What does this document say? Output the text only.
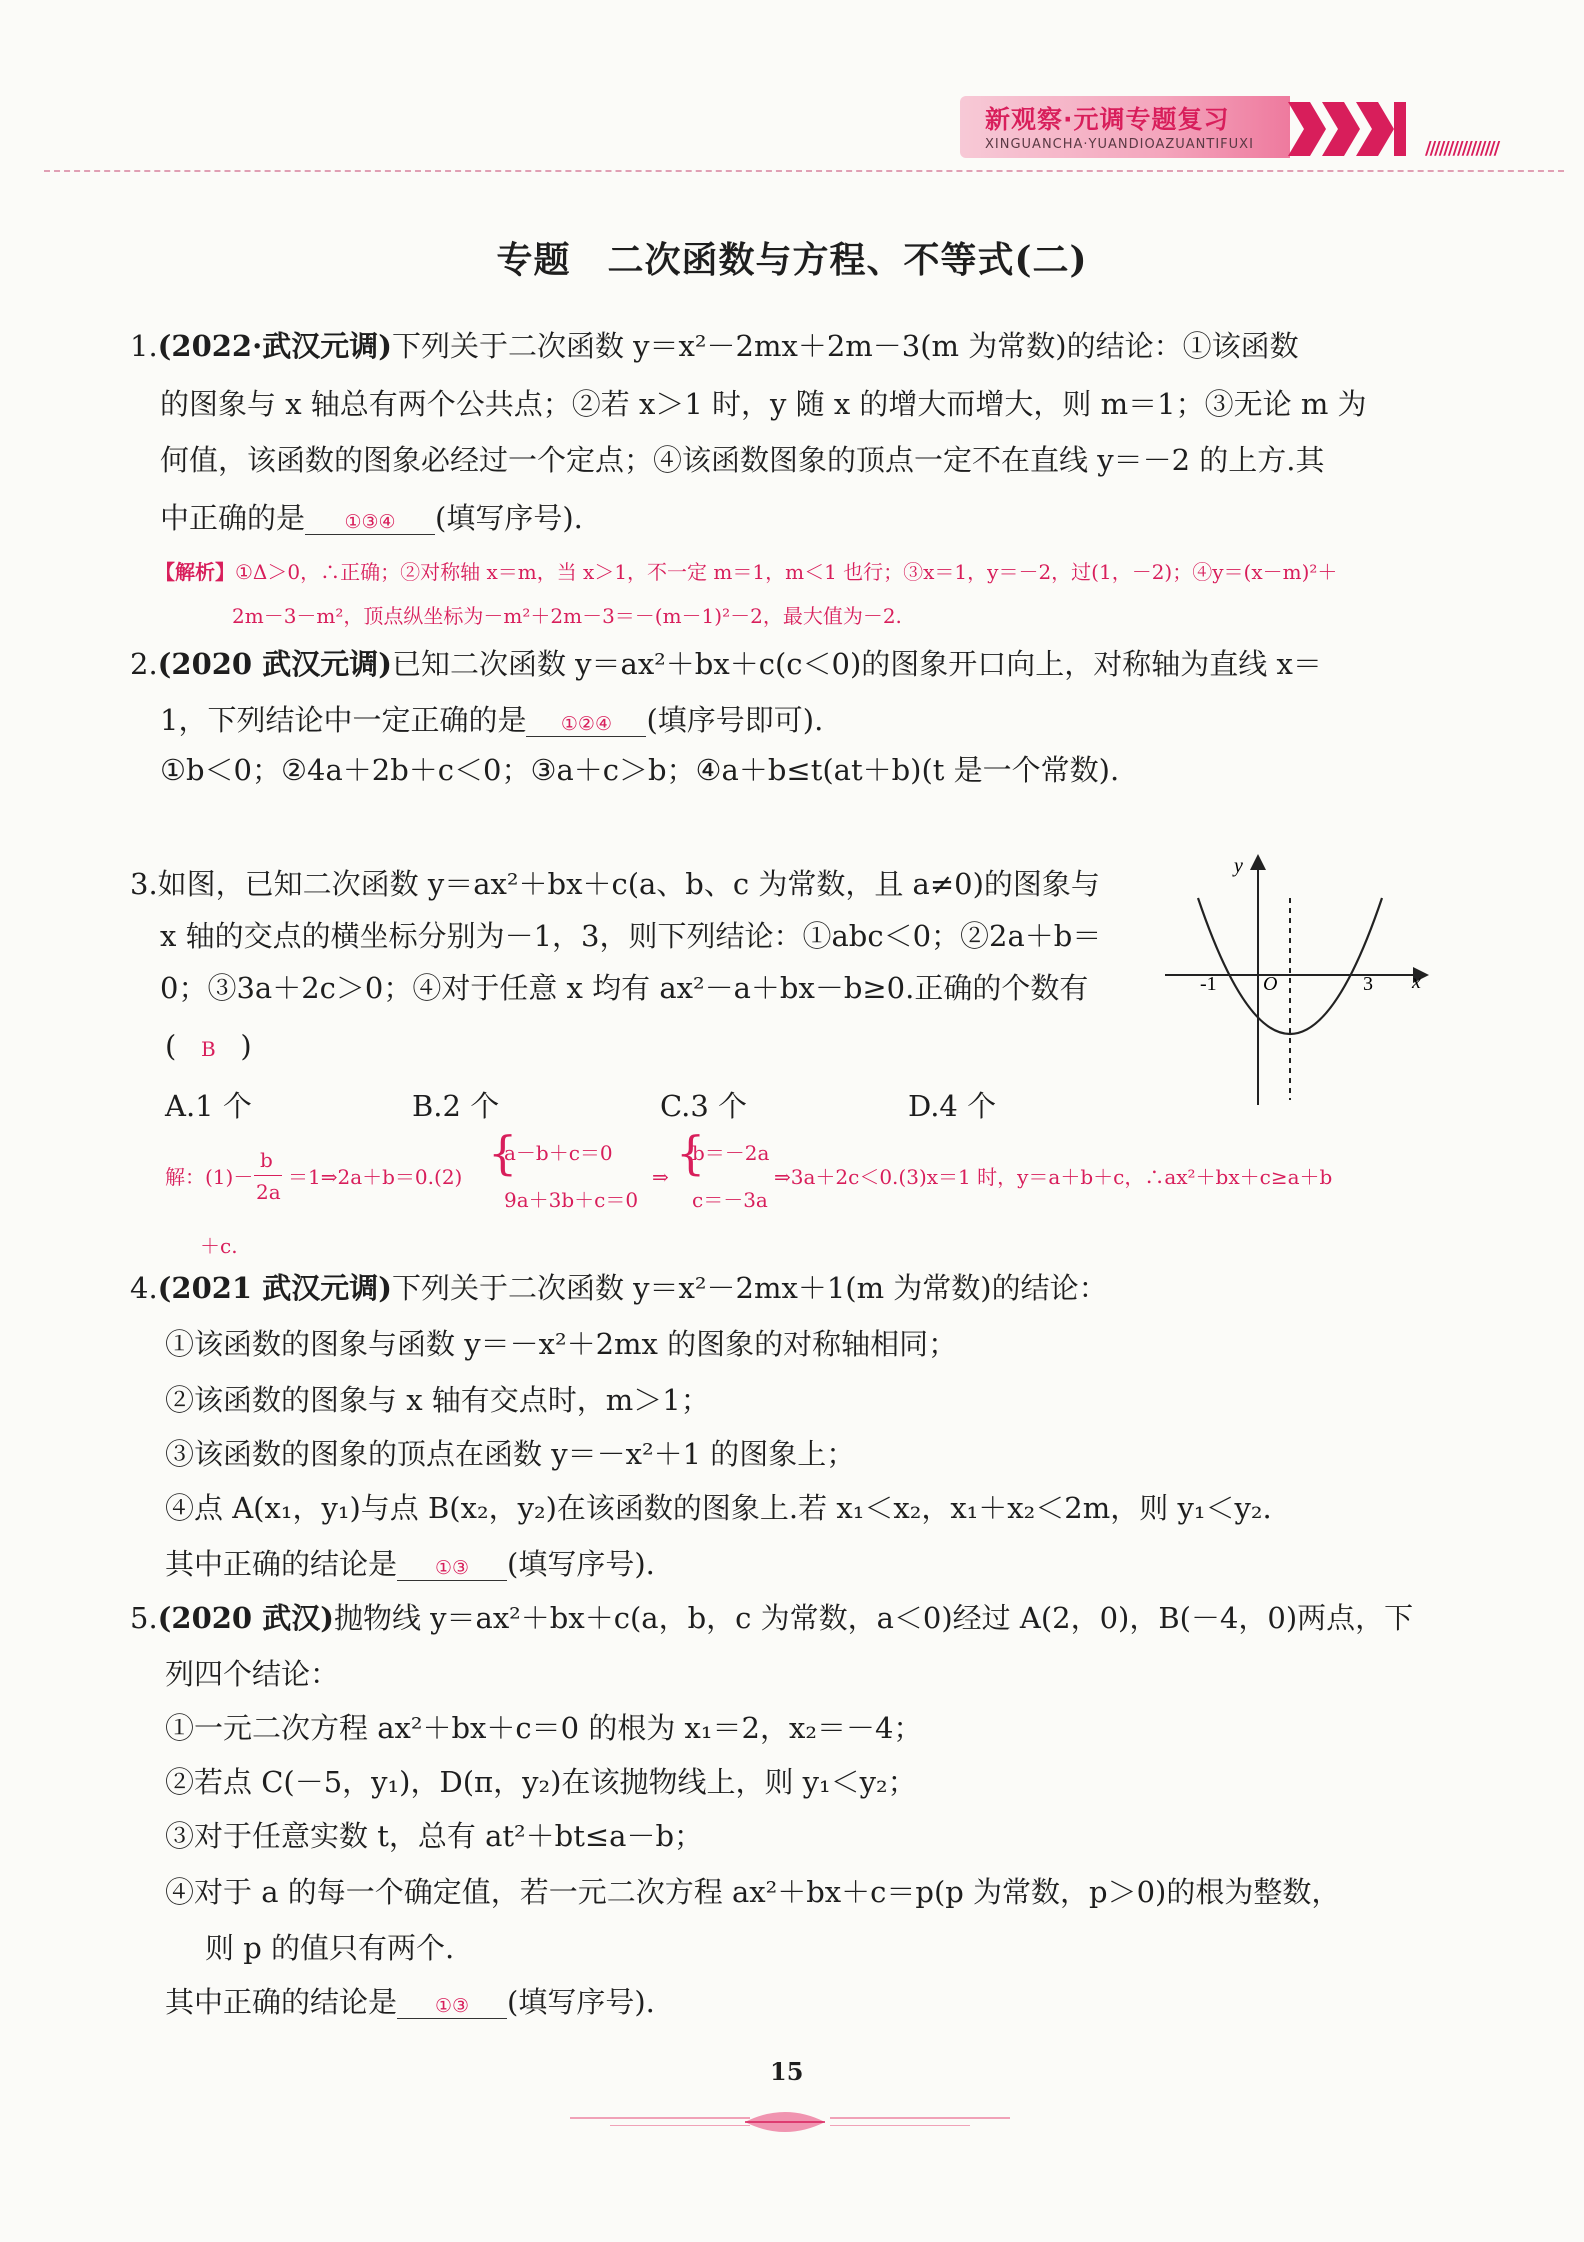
新观察·元调专题复习
XINGUANCHA·YUANDIOAZUANTIFUXI	////////////////
专题　二次函数与方程、不等式(二)
1.(2022·武汉元调)下列关于二次函数 y＝x²－2mx＋2m－3(m 为常数)的结论：①该函数
的图象与 x 轴总有两个公共点；②若 x＞1 时，y 随 x 的增大而增大，则 m＝1；③无论 m 为
何值，该函数的图象必经过一个定点；④该函数图象的顶点一定不在直线 y＝－2 的上方.其
中正确的是 ①③④ (填写序号).
【解析】①Δ＞0，∴正确；②对称轴 x＝m，当 x＞1，不一定 m＝1，m＜1 也行；③x＝1，y＝－2，过(1，－2)；④y＝(x－m)²＋
2m－3－m²，顶点纵坐标为－m²＋2m－3＝－(m－1)²－2，最大值为－2.
2.(2020 武汉元调)已知二次函数 y＝ax²＋bx＋c(c＜0)的图象开口向上，对称轴为直线 x＝
1，下列结论中一定正确的是 ①②④ (填序号即可).
①b＜0；②4a＋2b＋c＜0；③a＋c＞b；④a＋b≤t(at＋b)(t 是一个常数).
3.如图，已知二次函数 y＝ax²＋bx＋c(a、b、c 为常数，且 a≠0)的图象与
x 轴的交点的横坐标分别为－1，3，则下列结论：①abc＜0；②2a＋b＝
0；③3a＋2c＞0；④对于任意 x 均有 ax²－a＋bx－b≥0.正确的个数有
( B )
A.1 个	B.2 个	C.3 个	D.4 个
y
x
O
-1	3
解：(1)－
b
2a
＝1⇒2a＋b＝0.(2) {
a－b＋c＝0
9a＋3b＋c＝0
⇒ {
b＝－2a
c＝－3a
⇒3a＋2c＜0.(3)x＝1 时，y＝a＋b＋c，∴ax²＋bx＋c≥a＋b
＋c.
4.(2021 武汉元调)下列关于二次函数 y＝x²－2mx＋1(m 为常数)的结论：
①该函数的图象与函数 y＝－x²＋2mx 的图象的对称轴相同；
②该函数的图象与 x 轴有交点时，m＞1；
③该函数的图象的顶点在函数 y＝－x²＋1 的图象上；
④点 A(x₁，y₁)与点 B(x₂，y₂)在该函数的图象上.若 x₁＜x₂，x₁＋x₂＜2m，则 y₁＜y₂.
其中正确的结论是 ①③ (填写序号).
5.(2020 武汉)抛物线 y＝ax²＋bx＋c(a，b，c 为常数，a＜0)经过 A(2，0)，B(－4，0)两点，下
列四个结论：
①一元二次方程 ax²＋bx＋c＝0 的根为 x₁＝2，x₂＝－4；
②若点 C(－5，y₁)，D(π，y₂)在该抛物线上，则 y₁＜y₂；
③对于任意实数 t，总有 at²＋bt≤a－b；
④对于 a 的每一个确定值，若一元二次方程 ax²＋bx＋c＝p(p 为常数，p＞0)的根为整数，
则 p 的值只有两个.
其中正确的结论是 ①③ (填写序号).
15
